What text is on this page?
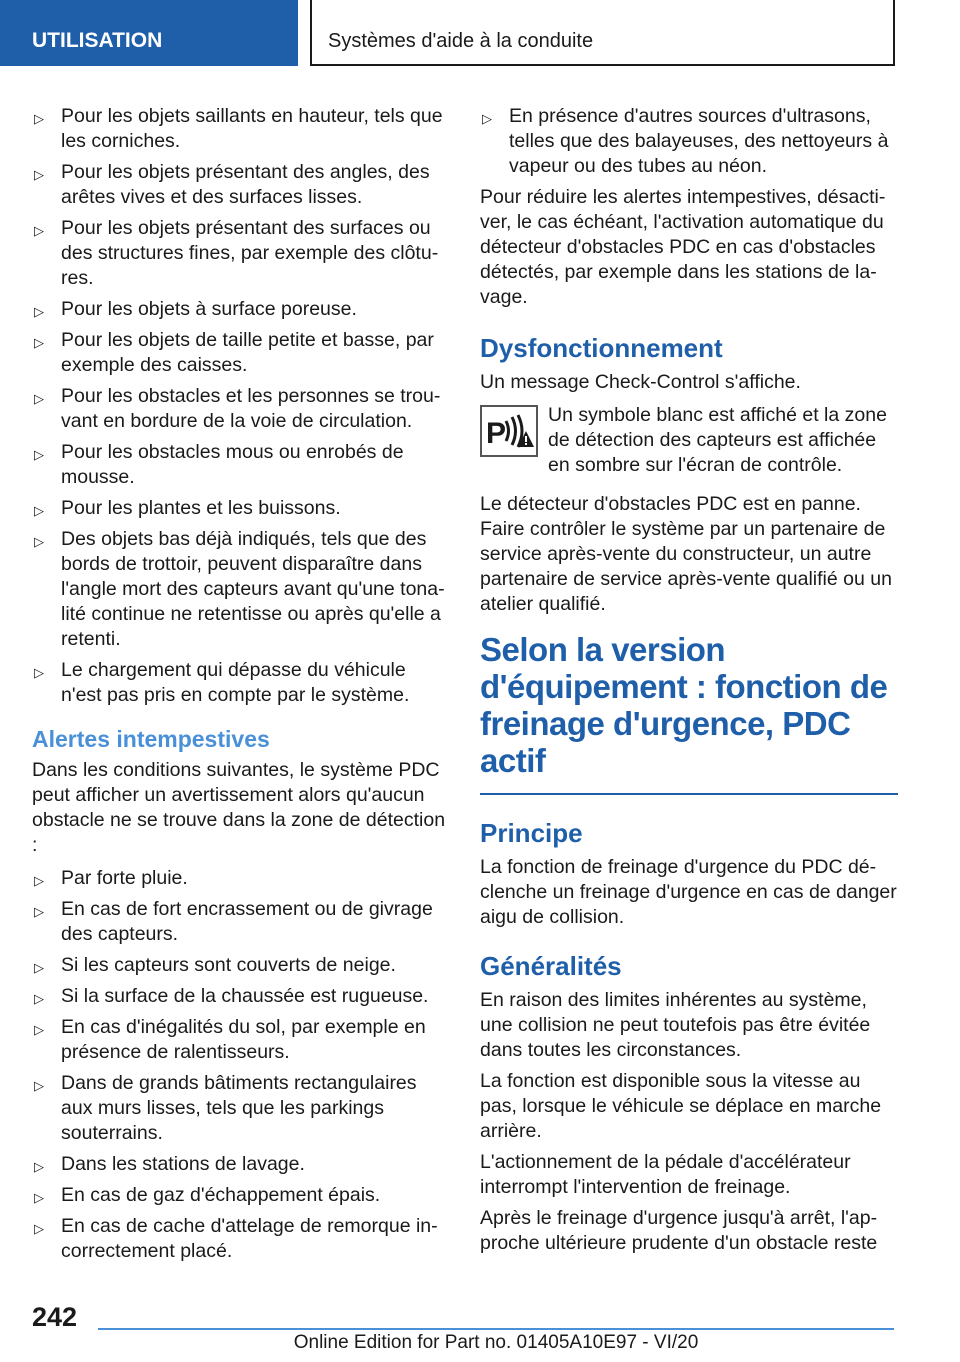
UTILISATION	Systèmes d'aide à la conduite
▷ Pour les objets saillants en hauteur, tels que les corniches.
▷ Pour les objets présentant des angles, des arêtes vives et des surfaces lisses.
▷ Pour les objets présentant des surfaces ou des structures fines, par exemple des clôtures.
▷ Pour les objets à surface poreuse.
▷ Pour les objets de taille petite et basse, par exemple des caisses.
▷ Pour les obstacles et les personnes se trouvant en bordure de la voie de circulation.
▷ Pour les obstacles mous ou enrobés de mousse.
▷ Pour les plantes et les buissons.
▷ Des objets bas déjà indiqués, tels que des bords de trottoir, peuvent disparaître dans l'angle mort des capteurs avant qu'une tonalité continue ne retentisse ou après qu'elle a retenti.
▷ Le chargement qui dépasse du véhicule n'est pas pris en compte par le système.
Alertes intempestives

Dans les conditions suivantes, le système PDC peut afficher un avertissement alors qu'aucun obstacle ne se trouve dans la zone de détection :

▷ Par forte pluie.
▷ En cas de fort encrassement ou de givrage des capteurs.
▷ Si les capteurs sont couverts de neige.
▷ Si la surface de la chaussée est rugueuse.
▷ En cas d'inégalités du sol, par exemple en présence de ralentisseurs.
▷ Dans de grands bâtiments rectangulaires aux murs lisses, tels que les parkings souterrains.
▷ Dans les stations de lavage.
▷ En cas de gaz d'échappement épais.
▷ En cas de cache d'attelage de remorque incorrectement placé.
▷ En présence d'autres sources d'ultrasons, telles que des balayeuses, des nettoyeurs à vapeur ou des tubes au néon.

Pour réduire les alertes intempestives, désactiver, le cas échéant, l'activation automatique du détecteur d'obstacles PDC en cas d'obstacles détectés, par exemple dans les stations de lavage.

Dysfonctionnement

Un message Check-Control s'affiche.

P
Un symbole blanc est affiché et la zone de détection des capteurs est affichée en sombre sur l'écran de contrôle.

Le détecteur d'obstacles PDC est en panne. Faire contrôler le système par un partenaire de service après-vente du constructeur, un autre partenaire de service après-vente qualifié ou un atelier qualifié.

Selon la version d'équipement : fonction de freinage d'urgence, PDC actif
Principe

La fonction de freinage d'urgence du PDC déclenche un freinage d'urgence en cas de danger aigu de collision.

Généralités

En raison des limites inhérentes au système, une collision ne peut toutefois pas être évitée dans toutes les circonstances.

La fonction est disponible sous la vitesse au pas, lorsque le véhicule se déplace en marche arrière.

L'actionnement de la pédale d'accélérateur interrompt l'intervention de freinage.

Après le freinage d'urgence jusqu'à arrêt, l'approche ultérieure prudente d'un obstacle reste

242
Online Edition for Part no. 01405A10E97 - VI/20
